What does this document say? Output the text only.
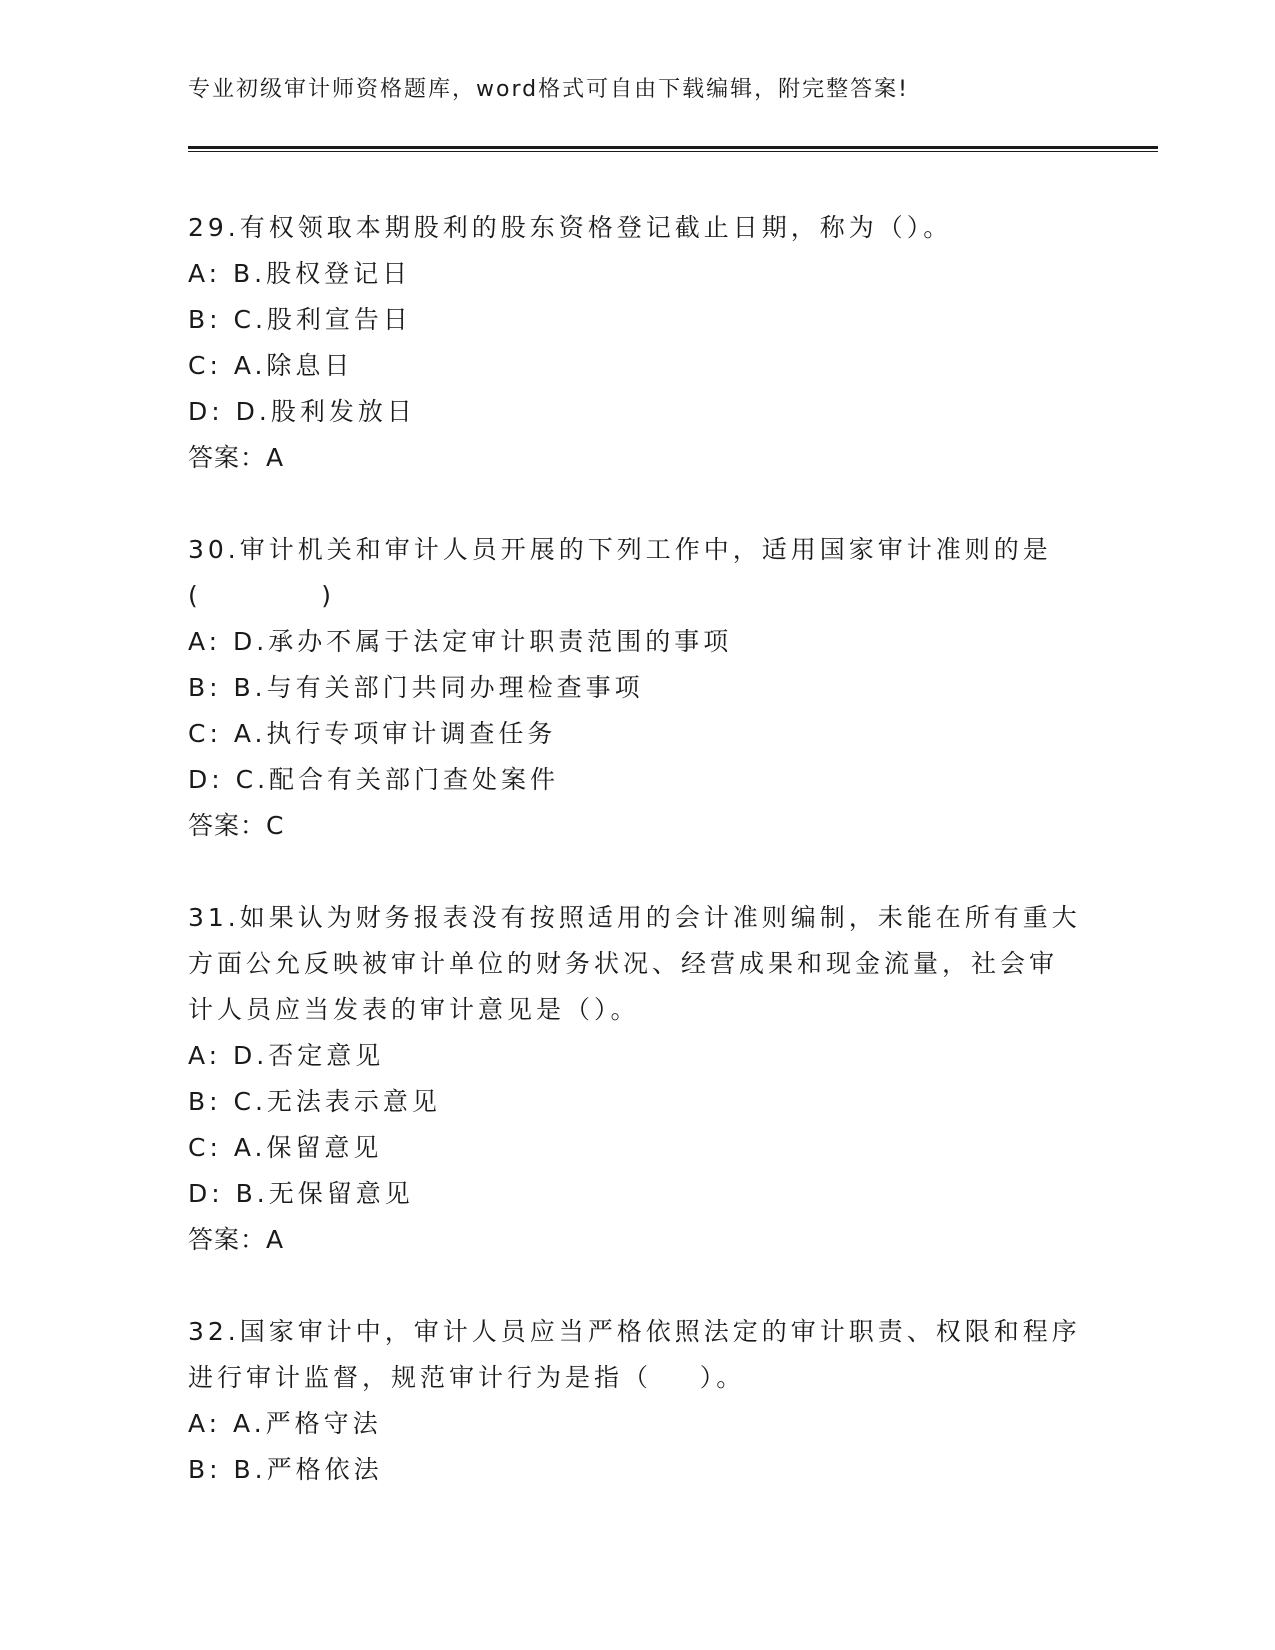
专业初级审计师资格题库，word格式可自由下载编辑，附完整答案!
29.有权领取本期股利的股东资格登记截止日期，称为（）。
A: B.股权登记日
B: C.股利宣告日
C: A.除息日
D: D.股利发放日
答案：A
30.审计机关和审计人员开展的下列工作中，适用国家审计准则的是
(          )
A: D.承办不属于法定审计职责范围的事项
B: B.与有关部门共同办理检查事项
C: A.执行专项审计调查任务
D: C.配合有关部门查处案件
答案：C
31.如果认为财务报表没有按照适用的会计准则编制，未能在所有重大
方面公允反映被审计单位的财务状况、经营成果和现金流量，社会审
计人员应当发表的审计意见是（）。
A: D.否定意见
B: C.无法表示意见
C: A.保留意见
D: B.无保留意见
答案：A
32.国家审计中，审计人员应当严格依照法定的审计职责、权限和程序
进行审计监督，规范审计行为是指（    ）。
A: A.严格守法
B: B.严格依法
